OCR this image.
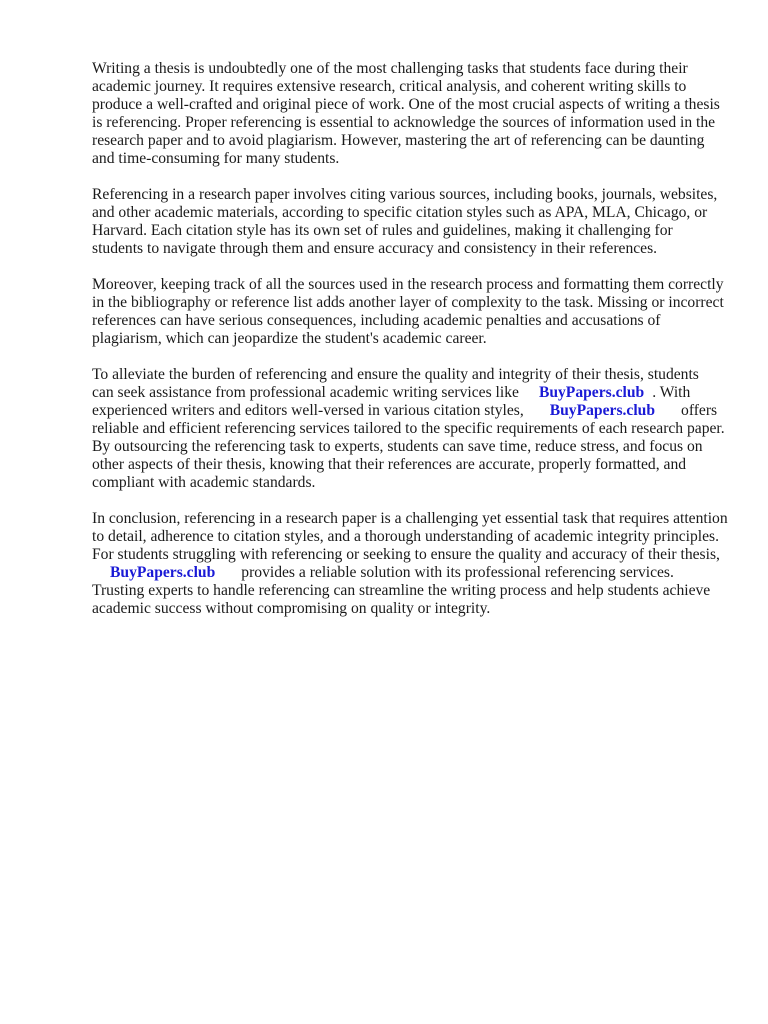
Writing a thesis is undoubtedly one of the most challenging tasks that students face during their
academic journey. It requires extensive research, critical analysis, and coherent writing skills to
produce a well-crafted and original piece of work. One of the most crucial aspects of writing a thesis
is referencing. Proper referencing is essential to acknowledge the sources of information used in the
research paper and to avoid plagiarism. However, mastering the art of referencing can be daunting
and time-consuming for many students.

Referencing in a research paper involves citing various sources, including books, journals, websites,
and other academic materials, according to specific citation styles such as APA, MLA, Chicago, or
Harvard. Each citation style has its own set of rules and guidelines, making it challenging for
students to navigate through them and ensure accuracy and consistency in their references.

Moreover, keeping track of all the sources used in the research process and formatting them correctly
in the bibliography or reference list adds another layer of complexity to the task. Missing or incorrect
references can have serious consequences, including academic penalties and accusations of
plagiarism, which can jeopardize the student's academic career.

To alleviate the burden of referencing and ensure the quality and integrity of their thesis, students
can seek assistance from professional academic writing services like BuyPapers.club . With
experienced writers and editors well-versed in various citation styles, BuyPapers.club offers
reliable and efficient referencing services tailored to the specific requirements of each research paper.
By outsourcing the referencing task to experts, students can save time, reduce stress, and focus on
other aspects of their thesis, knowing that their references are accurate, properly formatted, and
compliant with academic standards.

In conclusion, referencing in a research paper is a challenging yet essential task that requires attention
to detail, adherence to citation styles, and a thorough understanding of academic integrity principles.
For students struggling with referencing or seeking to ensure the quality and accuracy of their thesis,
BuyPapers.club provides a reliable solution with its professional referencing services.
Trusting experts to handle referencing can streamline the writing process and help students achieve
academic success without compromising on quality or integrity.
